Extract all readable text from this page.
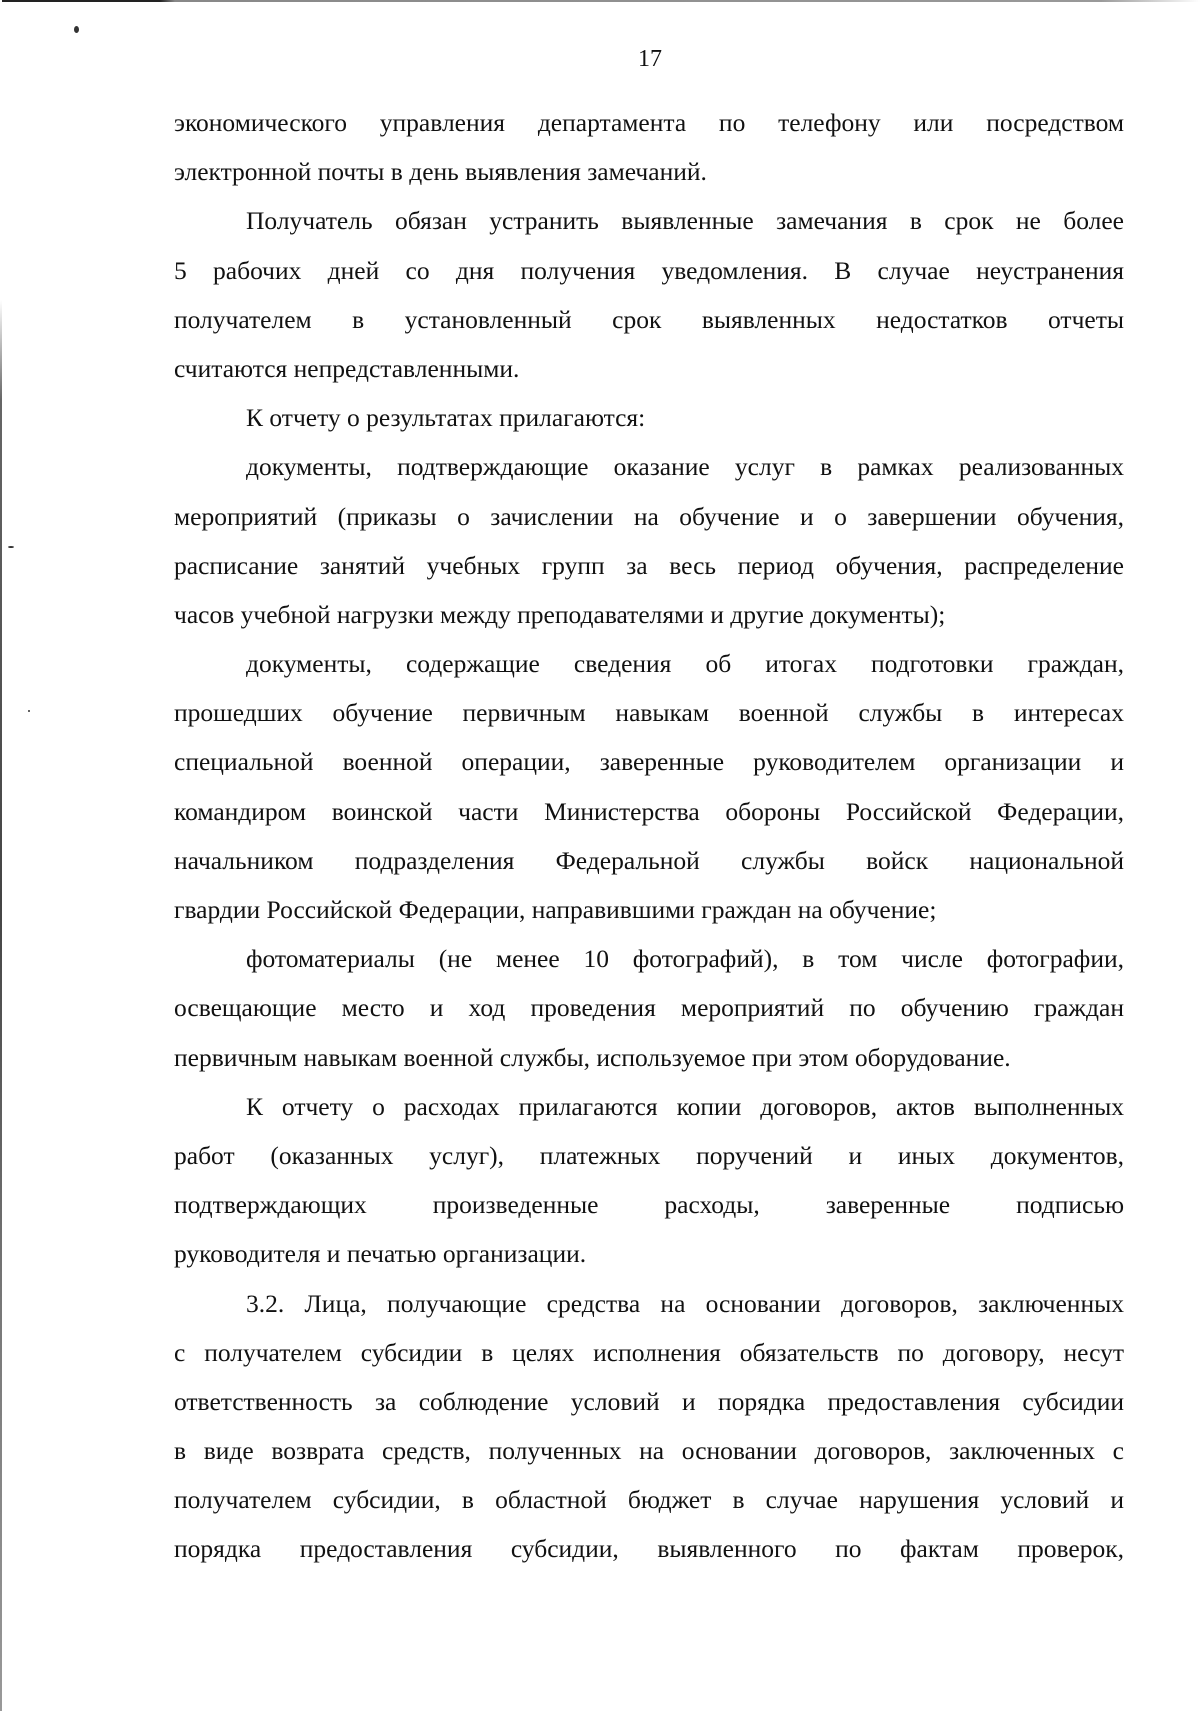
17
экономического управления департамента по телефону или посредством
электронной почты в день выявления замечаний.
Получатель обязан устранить выявленные замечания в срок не более
5 рабочих дней со дня получения уведомления. В случае неустранения
получателем в установленный срок выявленных недостатков отчеты
считаются непредставленными.
К отчету о результатах прилагаются:
документы, подтверждающие оказание услуг в рамках реализованных
мероприятий (приказы о зачислении на обучение и о завершении обучения,
расписание занятий учебных групп за весь период обучения, распределение
часов учебной нагрузки между преподавателями и другие документы);
документы, содержащие сведения об итогах подготовки граждан,
прошедших обучение первичным навыкам военной службы в интересах
специальной военной операции, заверенные руководителем организации и
командиром воинской части Министерства обороны Российской Федерации,
начальником подразделения Федеральной службы войск национальной
гвардии Российской Федерации, направившими граждан на обучение;
фотоматериалы (не менее 10 фотографий), в том числе фотографии,
освещающие место и ход проведения мероприятий по обучению граждан
первичным навыкам военной службы, используемое при этом оборудование.
К отчету о расходах прилагаются копии договоров, актов выполненных
работ (оказанных услуг), платежных поручений и иных документов,
подтверждающих произведенные расходы, заверенные подписью
руководителя и печатью организации.
3.2. Лица, получающие средства на основании договоров, заключенных
с получателем субсидии в целях исполнения обязательств по договору, несут
ответственность за соблюдение условий и порядка предоставления субсидии
в виде возврата средств, полученных на основании договоров, заключенных с
получателем субсидии, в областной бюджет в случае нарушения условий и
порядка предоставления субсидии, выявленного по фактам проверок,
